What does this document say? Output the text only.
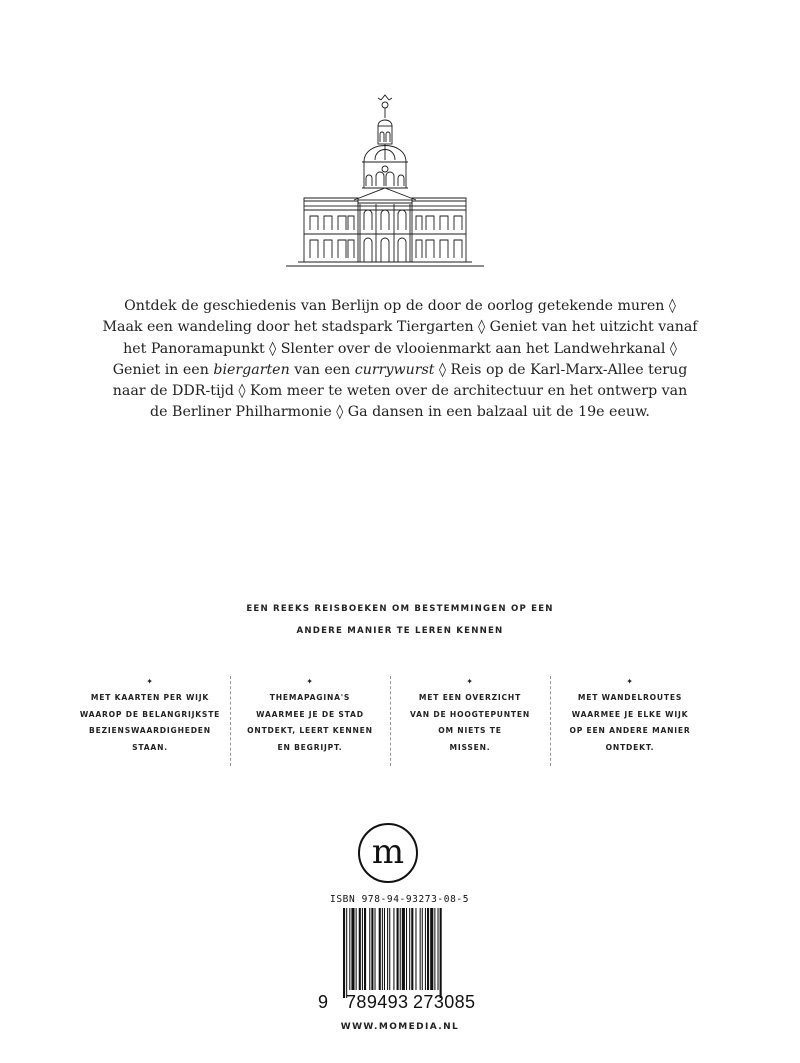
Ontdek de geschiedenis van Berlijn op de door de oorlog getekende muren ◊
Maak een wandeling door het stadspark Tiergarten ◊ Geniet van het uitzicht vanaf
het Panoramapunkt ◊ Slenter over de vlooienmarkt aan het Landwehrkanal ◊
Geniet in een biergarten van een currywurst ◊ Reis op de Karl-Marx-Allee terug
naar de DDR-tijd ◊ Kom meer te weten over de architectuur en het ontwerp van
de Berliner Philharmonie ◊ Ga dansen in een balzaal uit de 19e eeuw.
EEN REEKS REISBOEKEN OM BESTEMMINGEN OP EEN
ANDERE MANIER TE LEREN KENNEN
✦
MET KAARTEN PER WIJK
WAAROP DE BELANGRIJKSTE
BEZIENSWAARDIGHEDEN
STAAN.
✦
THEMAPAGINA'S
WAARMEE JE DE STAD
ONTDEKT, LEERT KENNEN
EN BEGRIJPT.
✦
MET EEN OVERZICHT
VAN DE HOOGTEPUNTEN
OM NIETS TE
MISSEN.
✦
MET WANDELROUTES
WAARMEE JE ELKE WIJK
OP EEN ANDERE MANIER
ONTDEKT.
m
ISBN 978-94-93273-08-5
9 789493 273085
WWW.MOMEDIA.NL
